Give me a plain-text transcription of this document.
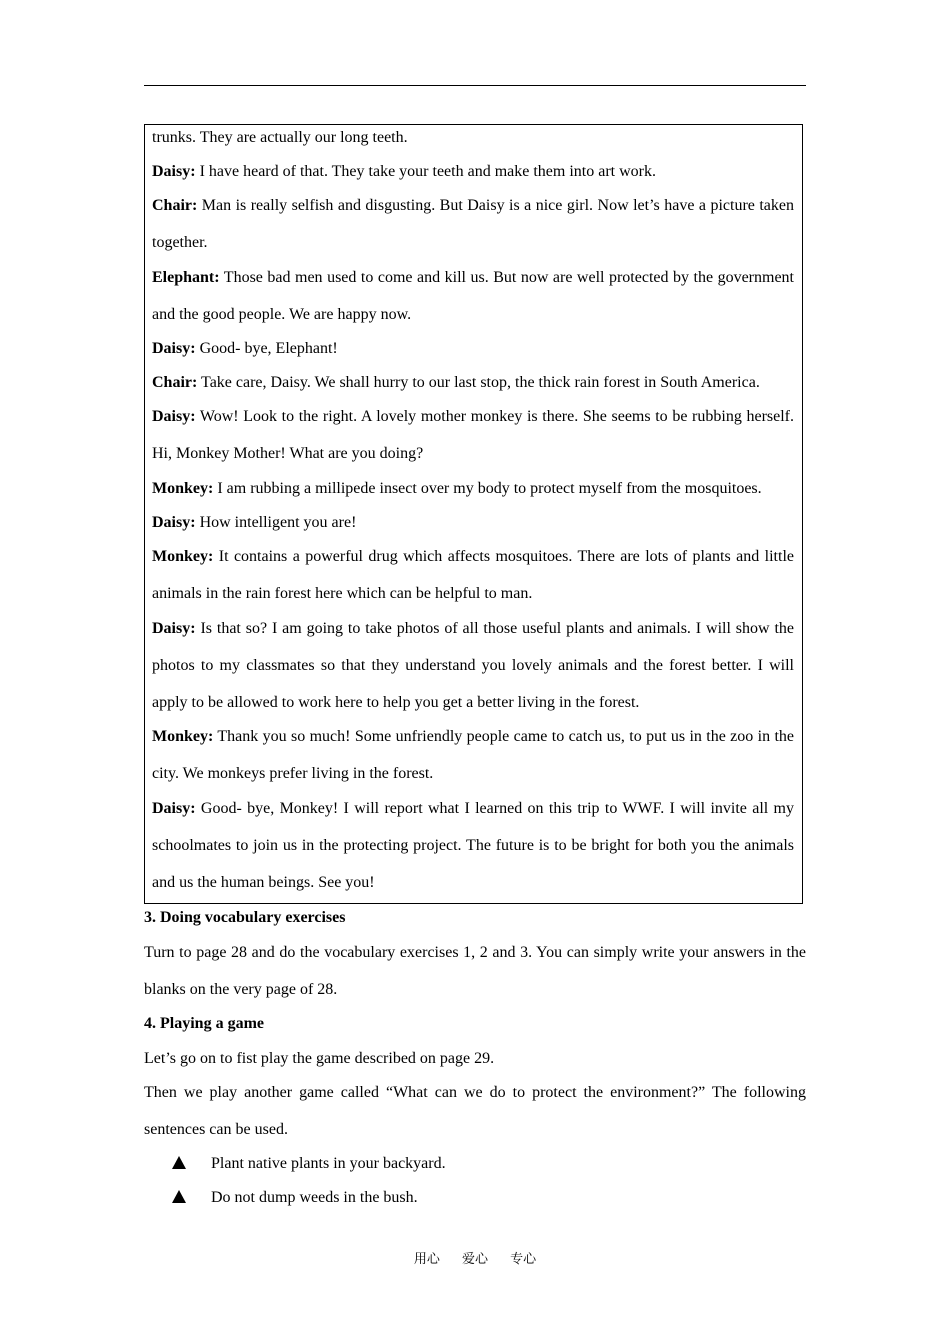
trunks. They are actually our long teeth.

Daisy: I have heard of that. They take your teeth and make them into art work.

Chair: Man is really selfish and disgusting. But Daisy is a nice girl. Now let’s have a picture taken together.

Elephant: Those bad men used to come and kill us. But now are well protected by the government and the good people. We are happy now.

Daisy: Good- bye, Elephant!

Chair: Take care, Daisy. We shall hurry to our last stop, the thick rain forest in South America.

Daisy: Wow! Look to the right. A lovely mother monkey is there. She seems to be rubbing herself. Hi, Monkey Mother! What are you doing?

Monkey: I am rubbing a millipede insect over my body to protect myself from the mosquitoes.

Daisy: How intelligent you are!

Monkey: It contains a powerful drug which affects mosquitoes. There are lots of plants and little animals in the rain forest here which can be helpful to man.

Daisy: Is that so? I am going to take photos of all those useful plants and animals. I will show the photos to my classmates so that they understand you lovely animals and the forest better. I will apply to be allowed to work here to help you get a better living in the forest.

Monkey: Thank you so much! Some unfriendly people came to catch us, to put us in the zoo in the city. We monkeys prefer living in the forest.

Daisy: Good- bye, Monkey! I will report what I learned on this trip to WWF. I will invite all my schoolmates to join us in the protecting project. The future is to be bright for both you the animals and us the human beings. See you!

3. Doing vocabulary exercises

Turn to page 28 and do the vocabulary exercises 1, 2 and 3. You can simply write your answers in the blanks on the very page of 28.

4. Playing a game

Let’s go on to fist play the game described on page 29.

Then we play another game called “What can we do to protect the environment?” The following sentences can be used.

Plant native plants in your backyard.
Do not dump weeds in the bush.
用心 爱心 专心
